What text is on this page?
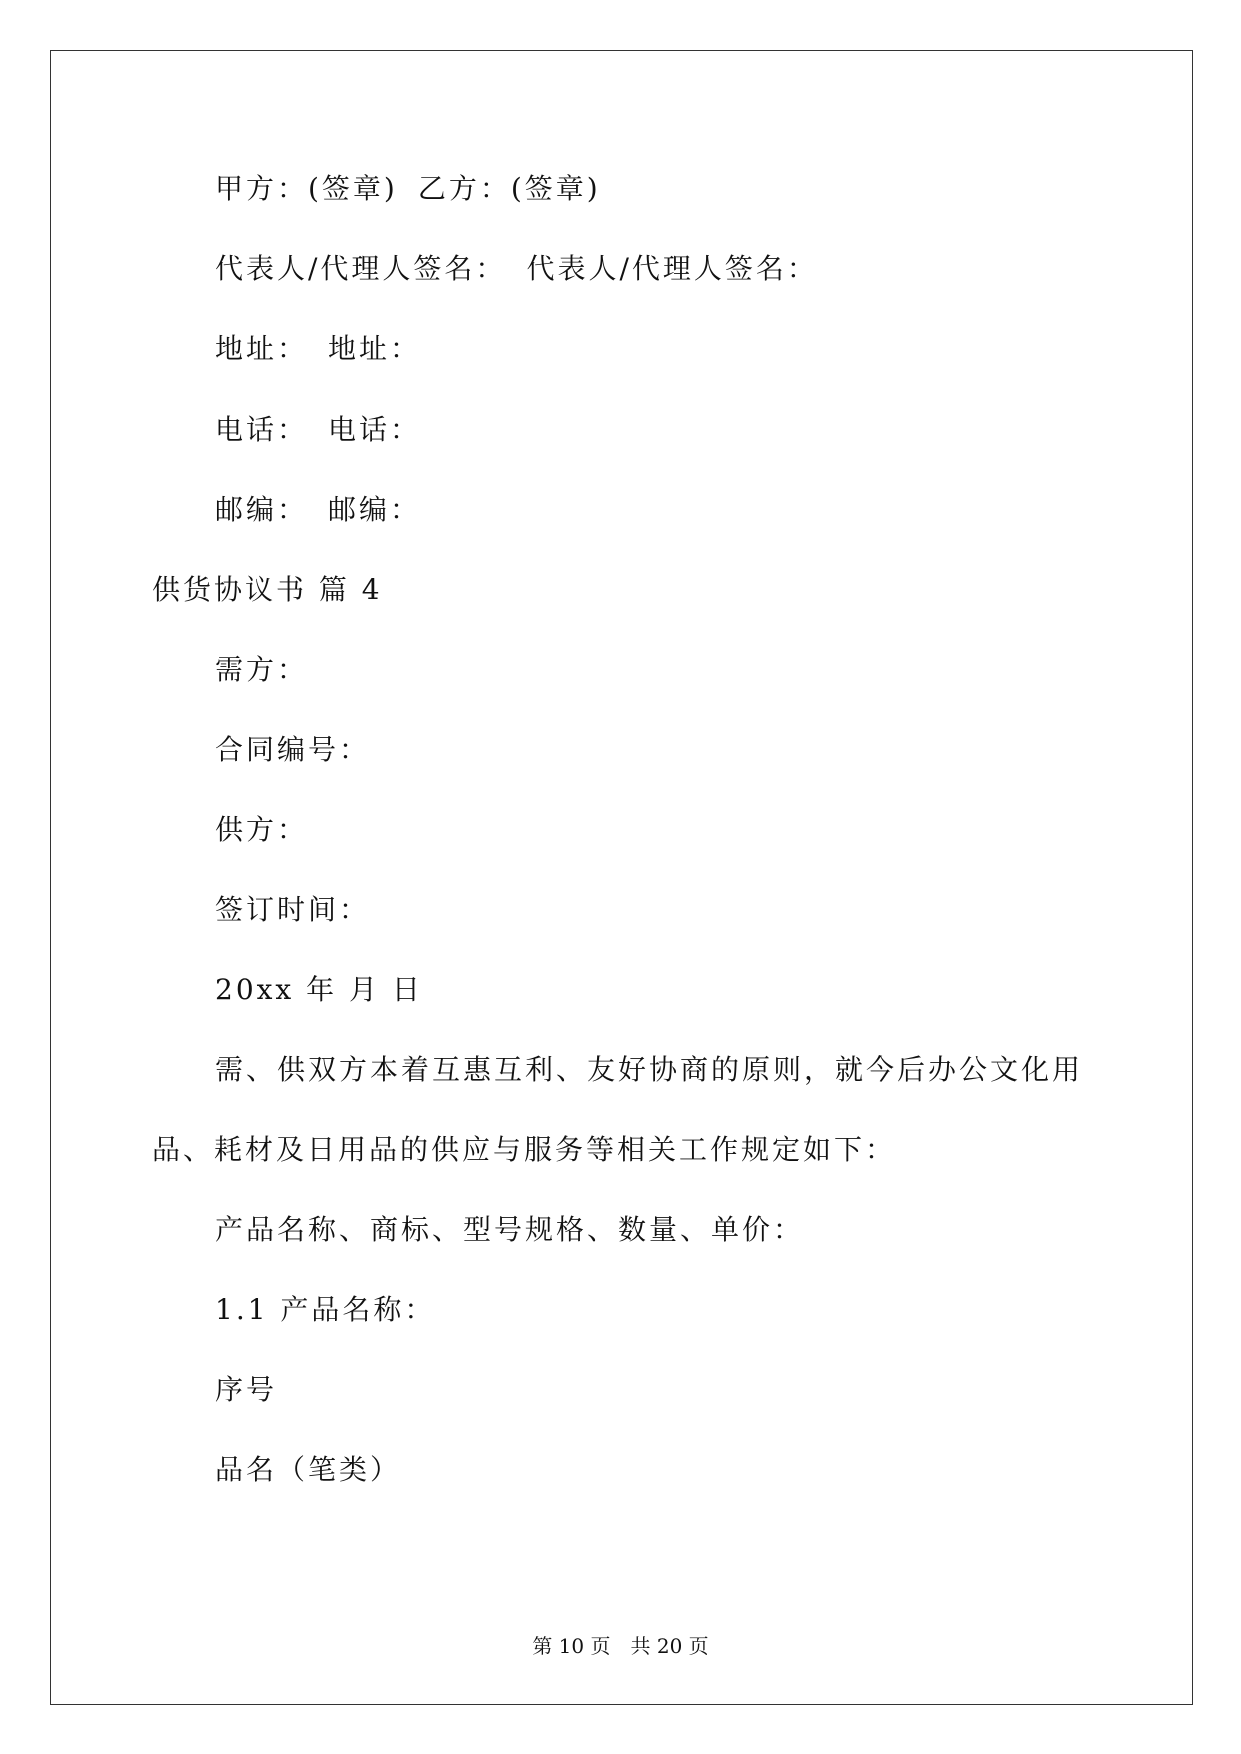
甲方：(签章) 乙方：(签章)
代表人/代理人签名： 代表人/代理人签名：
地址： 地址：
电话： 电话：
邮编： 邮编：
供货协议书 篇 4
需方：
合同编号：
供方：
签订时间：
20xx 年 月 日
需、供双方本着互惠互利、友好协商的原则，就今后办公文化用
品、耗材及日用品的供应与服务等相关工作规定如下：
产品名称、商标、型号规格、数量、单价：
1.1 产品名称：
序号
品名（笔类）
第 10 页　共 20 页
